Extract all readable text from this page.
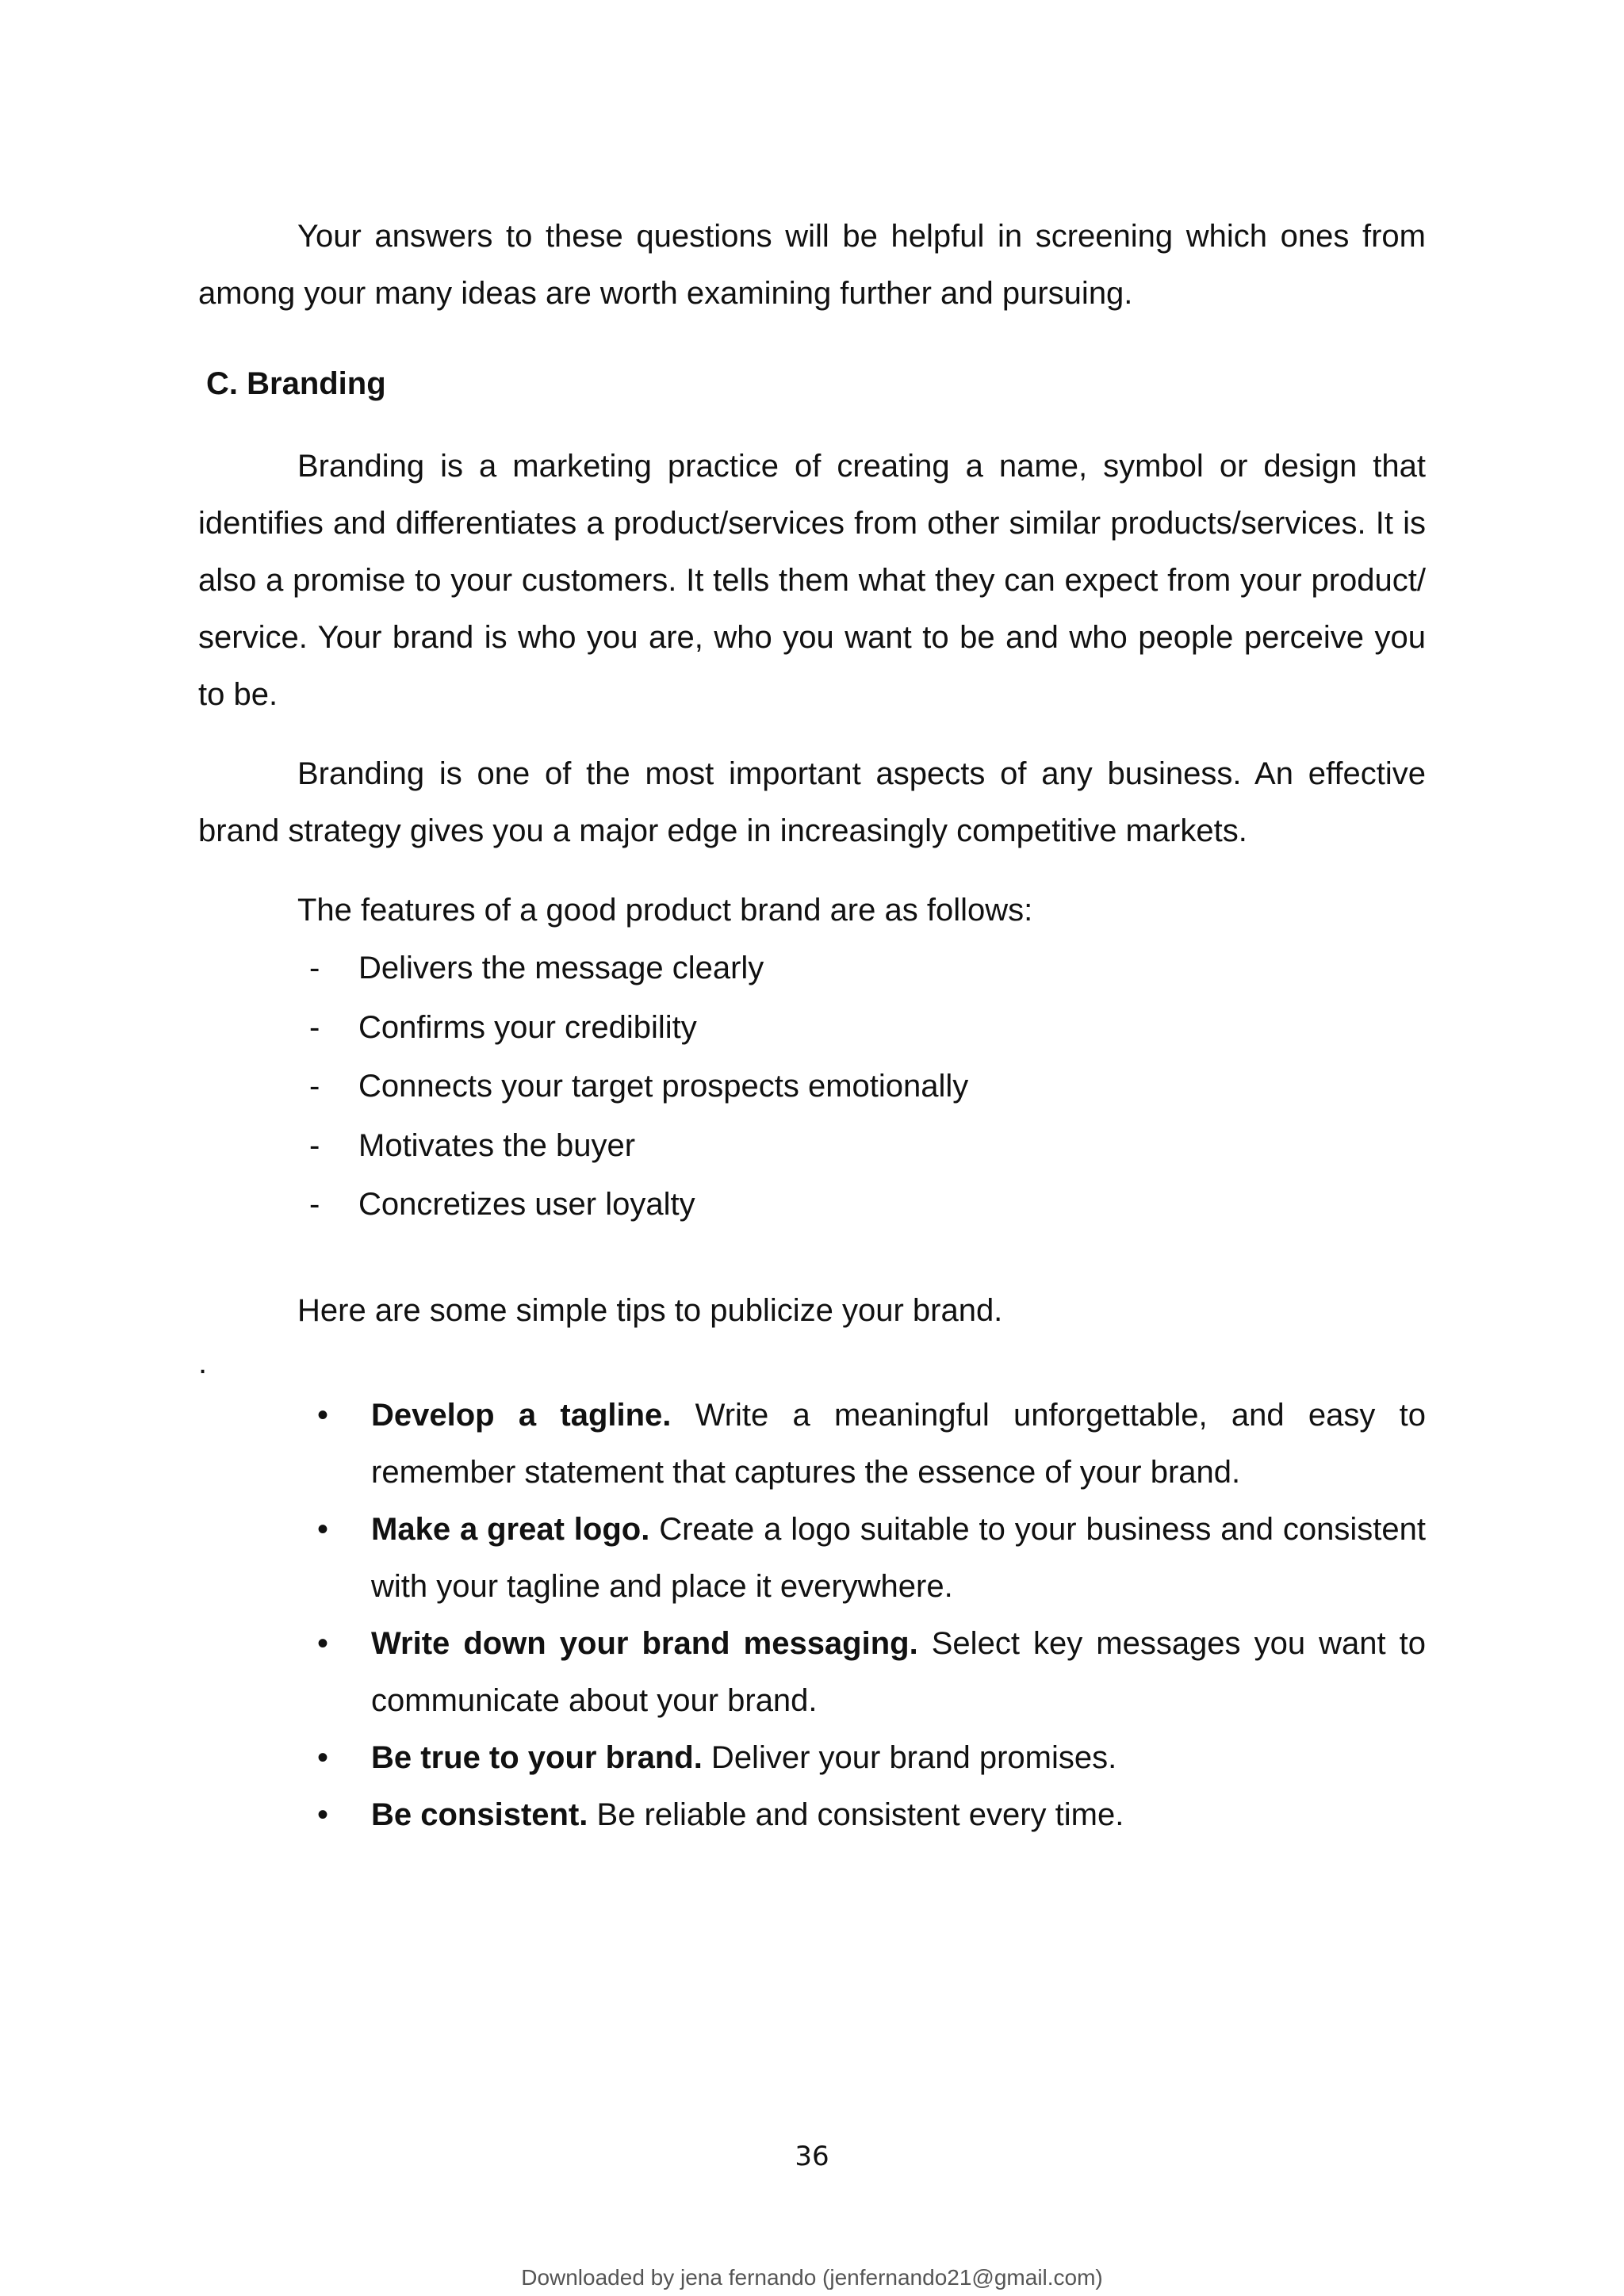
Your answers to these questions will be helpful in screening which ones from among your many ideas are worth examining further and pursuing.

C. Branding

Branding is a marketing practice of creating a name, symbol or design that identifies and differentiates a product/services from other similar products/services. It is also a promise to your customers. It tells them what they can expect from your product/ service. Your brand is who you are, who you want to be and who people perceive you to be.

Branding is one of the most important aspects of any business. An effective brand strategy gives you a major edge in increasingly competitive markets.

The features of a good product brand are as follows:

- Delivers the message clearly
- Confirms your credibility
- Connects your target prospects emotionally
- Motivates the buyer
- Concretizes user loyalty

Here are some simple tips to publicize your brand.

.

• Develop a tagline. Write a meaningful unforgettable, and easy to remember statement that captures the essence of your brand.
• Make a great logo. Create a logo suitable to your business and consistent with your tagline and place it everywhere.
• Write down your brand messaging. Select key messages you want to communicate about your brand.
• Be true to your brand. Deliver your brand promises.
• Be consistent. Be reliable and consistent every time.
36
Downloaded by jena fernando (jenfernando21@gmail.com)
